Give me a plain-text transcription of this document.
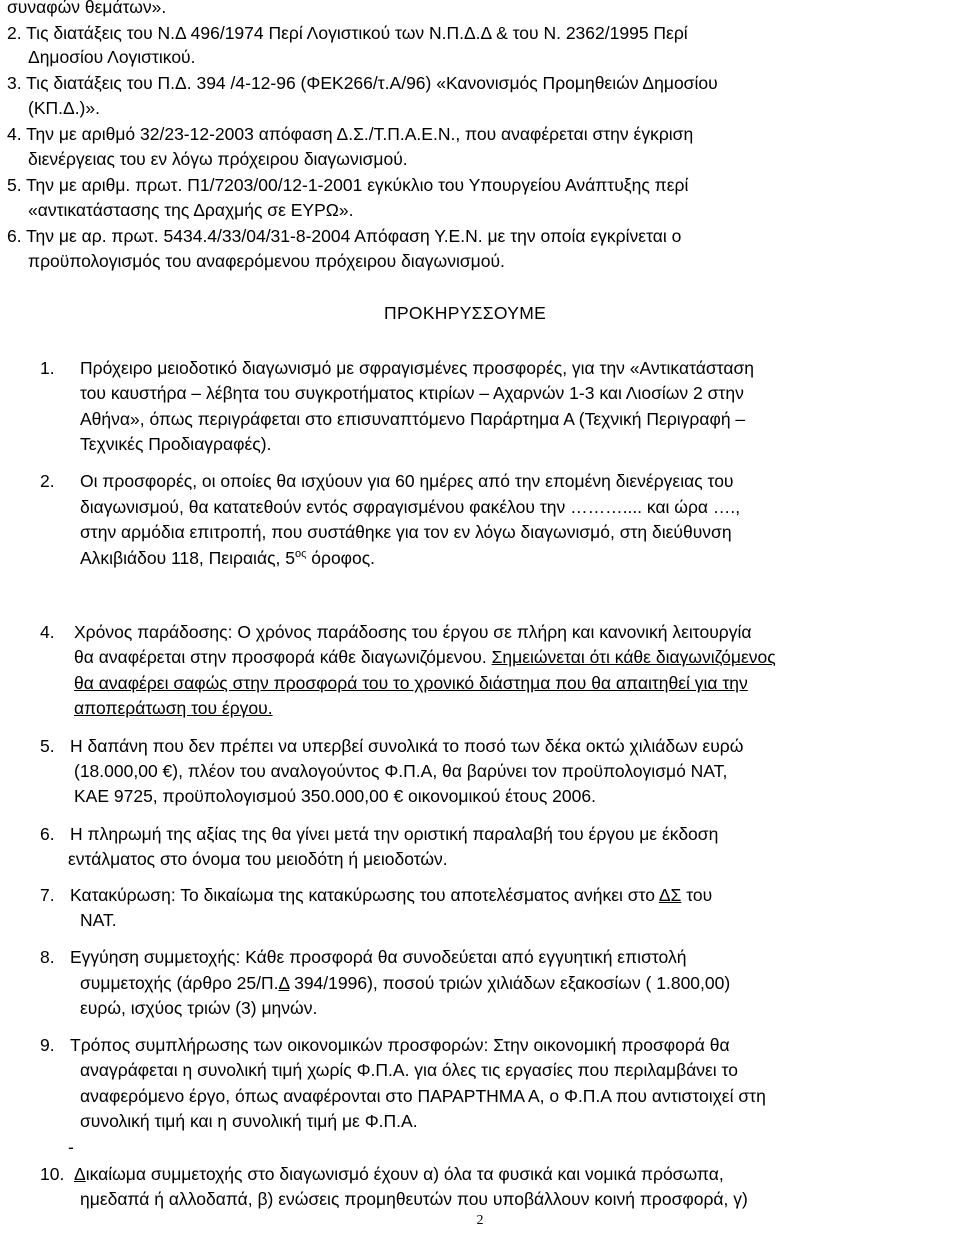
συναφών θεμάτων».
2. Τις διατάξεις του Ν.Δ 496/1974 Περί Λογιστικού των Ν.Π.Δ.Δ & του Ν. 2362/1995 Περί
Δημοσίου Λογιστικού.
3. Τις διατάξεις του Π.Δ. 394 /4-12-96 (ΦΕΚ266/τ.Α/96) «Κανονισμός Προμηθειών Δημοσίου
(ΚΠ.Δ.)».
4. Την με αριθμό 32/23-12-2003 απόφαση Δ.Σ./Τ.Π.Α.Ε.Ν., που αναφέρεται στην έγκριση
διενέργειας του εν λόγω πρόχειρου διαγωνισμού.
5. Την με αριθμ. πρωτ. Π1/7203/00/12-1-2001 εγκύκλιο του Υπουργείου Ανάπτυξης περί
«αντικατάστασης της Δραχμής σε ΕΥΡΩ».
6. Την με αρ. πρωτ. 5434.4/33/04/31-8-2004 Απόφαση Υ.Ε.Ν. με την οποία εγκρίνεται ο
προϋπολογισμός του αναφερόμενου πρόχειρου διαγωνισμού.
ΠΡΟΚΗΡΥΣΣΟΥΜΕ
1. Πρόχειρο μειοδοτικό διαγωνισμό με σφραγισμένες προσφορές, για την «Αντικατάσταση
του καυστήρα – λέβητα του συγκροτήματος κτιρίων – Αχαρνών 1-3 και Λιοσίων 2 στην
Αθήνα», όπως περιγράφεται στο επισυναπτόμενο Παράρτημα Α (Τεχνική Περιγραφή –
Τεχνικές Προδιαγραφές).
2. Οι προσφορές, οι οποίες θα ισχύουν για 60 ημέρες από την επομένη διενέργειας του
διαγωνισμού, θα κατατεθούν εντός σφραγισμένου φακέλου την ……….... και ώρα ….,
στην αρμόδια επιτροπή, που συστάθηκε για τον εν λόγω διαγωνισμό, στη διεύθυνση
Αλκιβιάδου 118, Πειραιάς, $5^{o\varsigma}$ όροφος.
4. Χρόνος παράδοσης: Ο χρόνος παράδοσης του έργου σε πλήρη και κανονική λειτουργία
θα αναφέρεται στην προσφορά κάθε διαγωνιζόμενου. Σημειώνεται ότι κάθε διαγωνιζόμενος
θα αναφέρει σαφώς στην προσφορά του το χρονικό διάστημα που θα απαιτηθεί για την
αποπεράτωση του έργου.
5. Η δαπάνη που δεν πρέπει να υπερβεί συνολικά το ποσό των δέκα οκτώ χιλιάδων ευρώ
(18.000,00 €), πλέον του αναλογούντος Φ.Π.Α, θα βαρύνει τον προϋπολογισμό ΝΑΤ,
ΚΑΕ 9725, προϋπολογισμού 350.000,00 € οικονομικού έτους 2006.
6. Η πληρωμή της αξίας της θα γίνει μετά την οριστική παραλαβή του έργου με έκδοση
εντάλματος στο όνομα του μειοδότη ή μειοδοτών.
7. Κατακύρωση: Το δικαίωμα της κατακύρωσης του αποτελέσματος ανήκει στο ΔΣ του
ΝΑΤ.
8. Εγγύηση συμμετοχής: Κάθε προσφορά θα συνοδεύεται από εγγυητική επιστολή
συμμετοχής (άρθρο 25/Π.Δ 394/1996), ποσού τριών χιλιάδων εξακοσίων ( 1.800,00)
ευρώ, ισχύος τριών (3) μηνών.
9. Τρόπος συμπλήρωσης των οικονομικών προσφορών: Στην οικονομική προσφορά θα
αναγράφεται η συνολική τιμή χωρίς Φ.Π.Α. για όλες τις εργασίες που περιλαμβάνει το
αναφερόμενο έργο, όπως αναφέρονται στο ΠΑΡΑΡΤΗΜΑ Α, ο Φ.Π.Α που αντιστοιχεί στη
συνολική τιμή και η συνολική τιμή με Φ.Π.Α.
-
10. Δικαίωμα συμμετοχής στο διαγωνισμό έχουν α) όλα τα φυσικά και νομικά πρόσωπα,
ημεδαπά ή αλλοδαπά, β) ενώσεις προμηθευτών που υποβάλλουν κοινή προσφορά, γ)
2
